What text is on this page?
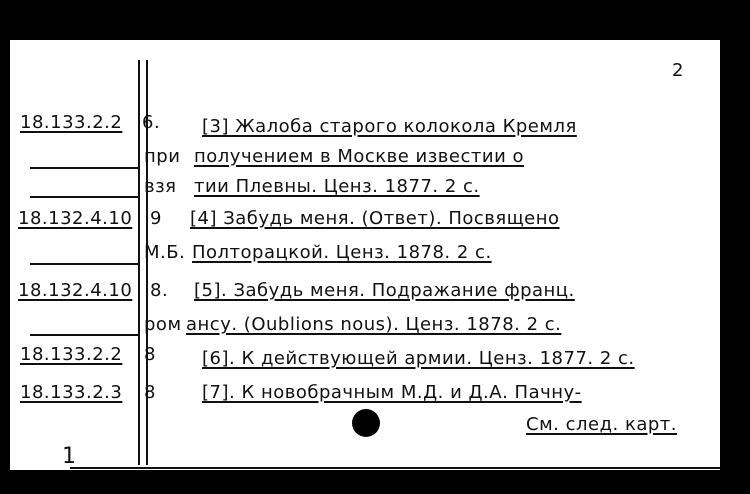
2
18.133.2.2 6. [3] Жалоба старого колокола Кремля
при получением в Москве известии о
взя тии Плевны. Ценз. 1877. 2 с.
18.132.4.10 9 [4] Забудь меня. (Ответ). Посвящено
М.Б. Полторацкой. Ценз. 1878. 2 с.
18.132.4.10 8. [5]. Забудь меня. Подражание франц.
ром ансу. (Oublions nous). Ценз. 1878. 2 с.
18.133.2.2 8	[6]. К действующей армии. Ценз. 1877. 2 с.
18.133.2.3 8	[7]. К новобрачным М.Д. и Д.А. Пачну-
См. след. карт.
1
